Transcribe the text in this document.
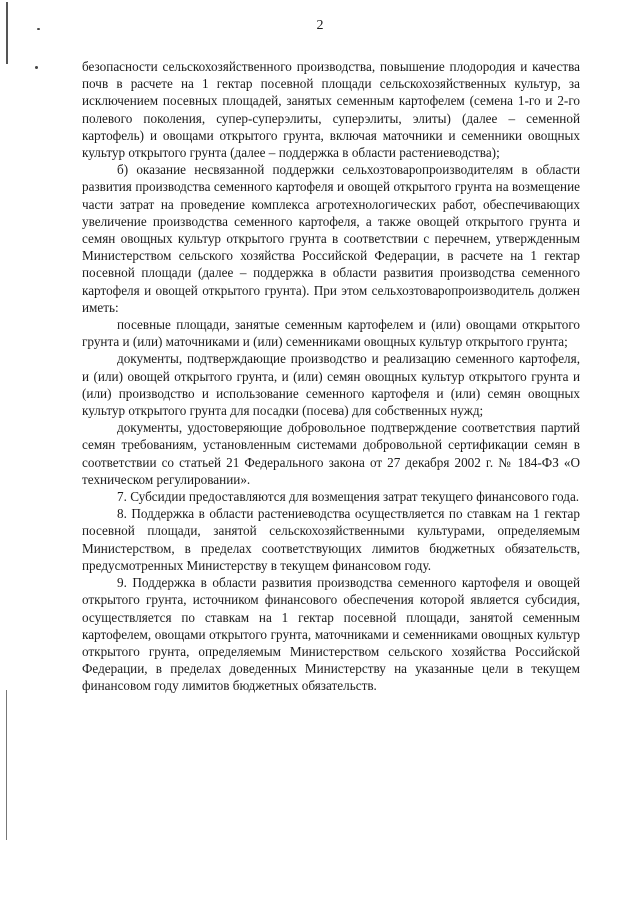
2

безопасности сельскохозяйственного производства, повышение плодородия и качества почв в расчете на 1 гектар посевной площади сельскохозяйственных культур, за исключением посевных площадей, занятых семенным картофелем (семена 1-го и 2-го полевого поколения, супер-суперэлиты, суперэлиты, элиты) (далее – семенной картофель) и овощами открытого грунта, включая маточники и семенники овощных культур открытого грунта (далее – поддержка в области растениеводства);

б) оказание несвязанной поддержки сельхозтоваропроизводителям в области развития производства семенного картофеля и овощей открытого грунта на возмещение части затрат на проведение комплекса агротехнологических работ, обеспечивающих увеличение производства семенного картофеля, а также овощей открытого грунта и семян овощных культур открытого грунта в соответствии с перечнем, утвержденным Министерством сельского хозяйства Российской Федерации, в расчете на 1 гектар посевной площади (далее – поддержка в области развития производства семенного картофеля и овощей открытого грунта). При этом сельхозтоваропроизводитель должен иметь:

посевные площади, занятые семенным картофелем и (или) овощами открытого грунта и (или) маточниками и (или) семенниками овощных культур открытого грунта;

документы, подтверждающие производство и реализацию семенного картофеля, и (или) овощей открытого грунта, и (или) семян овощных культур открытого грунта и (или) производство и использование семенного картофеля и (или) семян овощных культур открытого грунта для посадки (посева) для собственных нужд;

документы, удостоверяющие добровольное подтверждение соответствия партий семян требованиям, установленным системами добровольной сертификации семян в соответствии со статьей 21 Федерального закона от 27 декабря 2002 г. № 184-ФЗ «О техническом регулировании».

7. Субсидии предоставляются для возмещения затрат текущего финансового года.

8. Поддержка в области растениеводства осуществляется по ставкам на 1 гектар посевной площади, занятой сельскохозяйственными культурами, определяемым Министерством, в пределах соответствующих лимитов бюджетных обязательств, предусмотренных Министерству в текущем финансовом году.

9. Поддержка в области развития производства семенного картофеля и овощей открытого грунта, источником финансового обеспечения которой является субсидия, осуществляется по ставкам на 1 гектар посевной площади, занятой семенным картофелем, овощами открытого грунта, маточниками и семенниками овощных культур открытого грунта, определяемым Министерством сельского хозяйства Российской Федерации, в пределах доведенных Министерству на указанные цели в текущем финансовом году лимитов бюджетных обязательств.
